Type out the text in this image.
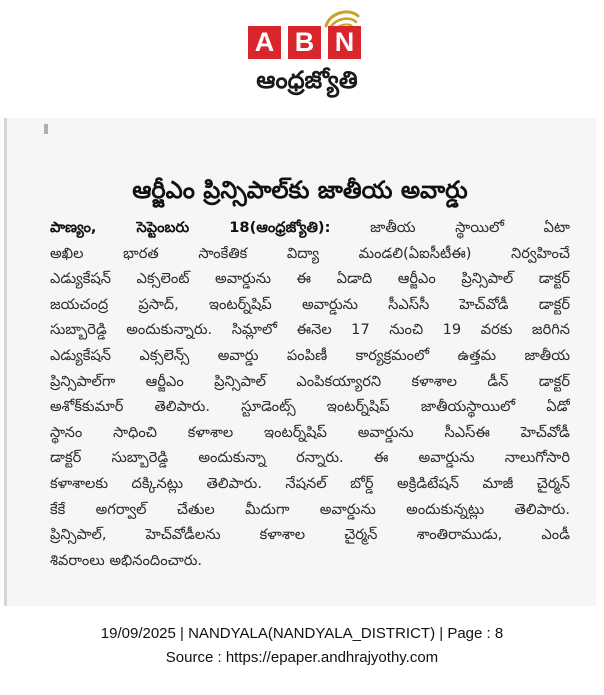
A B N
ఆంధ్రజ్యోతి
ఆర్జీఎం ప్రిన్సిపాల్‌కు జాతీయ అవార్డు
పాణ్యం, సెప్టెంబరు 18(ఆంధ్రజ్యోతి): జాతీయ స్థాయిలో ఏటా
అఖిల భారత సాంకేతిక విద్యా మండలి(ఏఐసీటీఈ) నిర్వహించే
ఎడ్యుకేషన్ ఎక్సలెంట్ అవార్డును ఈ ఏడాది ఆర్జీఎం ప్రిన్సిపాల్ డాక్టర్
జయచంద్ర ప్రసాద్, ఇంటర్న్‌షిప్ అవార్డును సీఎస్‌సీ హెచ్‌వోడీ డాక్టర్
సుబ్బారెడ్డి అందుకున్నారు. సిమ్లాలో ఈనెల 17 నుంచి 19 వరకు జరిగిన
ఎడ్యుకేషన్ ఎక్సలెన్స్ అవార్డు పంపిణీ కార్యక్రమంలో ఉత్తమ జాతీయ
ప్రిన్సిపాల్‌గా ఆర్జీఎం ప్రిన్సిపాల్ ఎంపికయ్యారని కళాశాల డీన్ డాక్టర్
అశోక్‌కుమార్ తెలిపారు. స్టూడెంట్స్ ఇంటర్న్‌షిప్ జాతీయస్థాయిలో ఏడో
స్థానం సాధించి కళాశాల ఇంటర్న్‌షిప్ అవార్డును సీఎస్‌ఈ హెచ్‌వోడీ
డాక్టర్ సుబ్బారెడ్డి అందుకున్నా రన్నారు. ఈ అవార్డును నాలుగోసారి
కళాశాలకు దక్కినట్లు తెలిపారు. నేషనల్ బోర్డ్ అక్రిడిటేషన్ మాజీ చైర్మన్
కేకే అగర్వాల్ చేతుల మీదుగా అవార్డును అందుకున్నట్లు తెలిపారు.
ప్రిన్సిపాల్, హెచ్‌వోడీలను కళాశాల చైర్మన్ శాంతిరాముడు, ఎండీ
శివరాంలు అభినందించారు.
19/09/2025 | NANDYALA(NANDYALA_DISTRICT) | Page : 8
Source : https://epaper.andhrajyothy.com
